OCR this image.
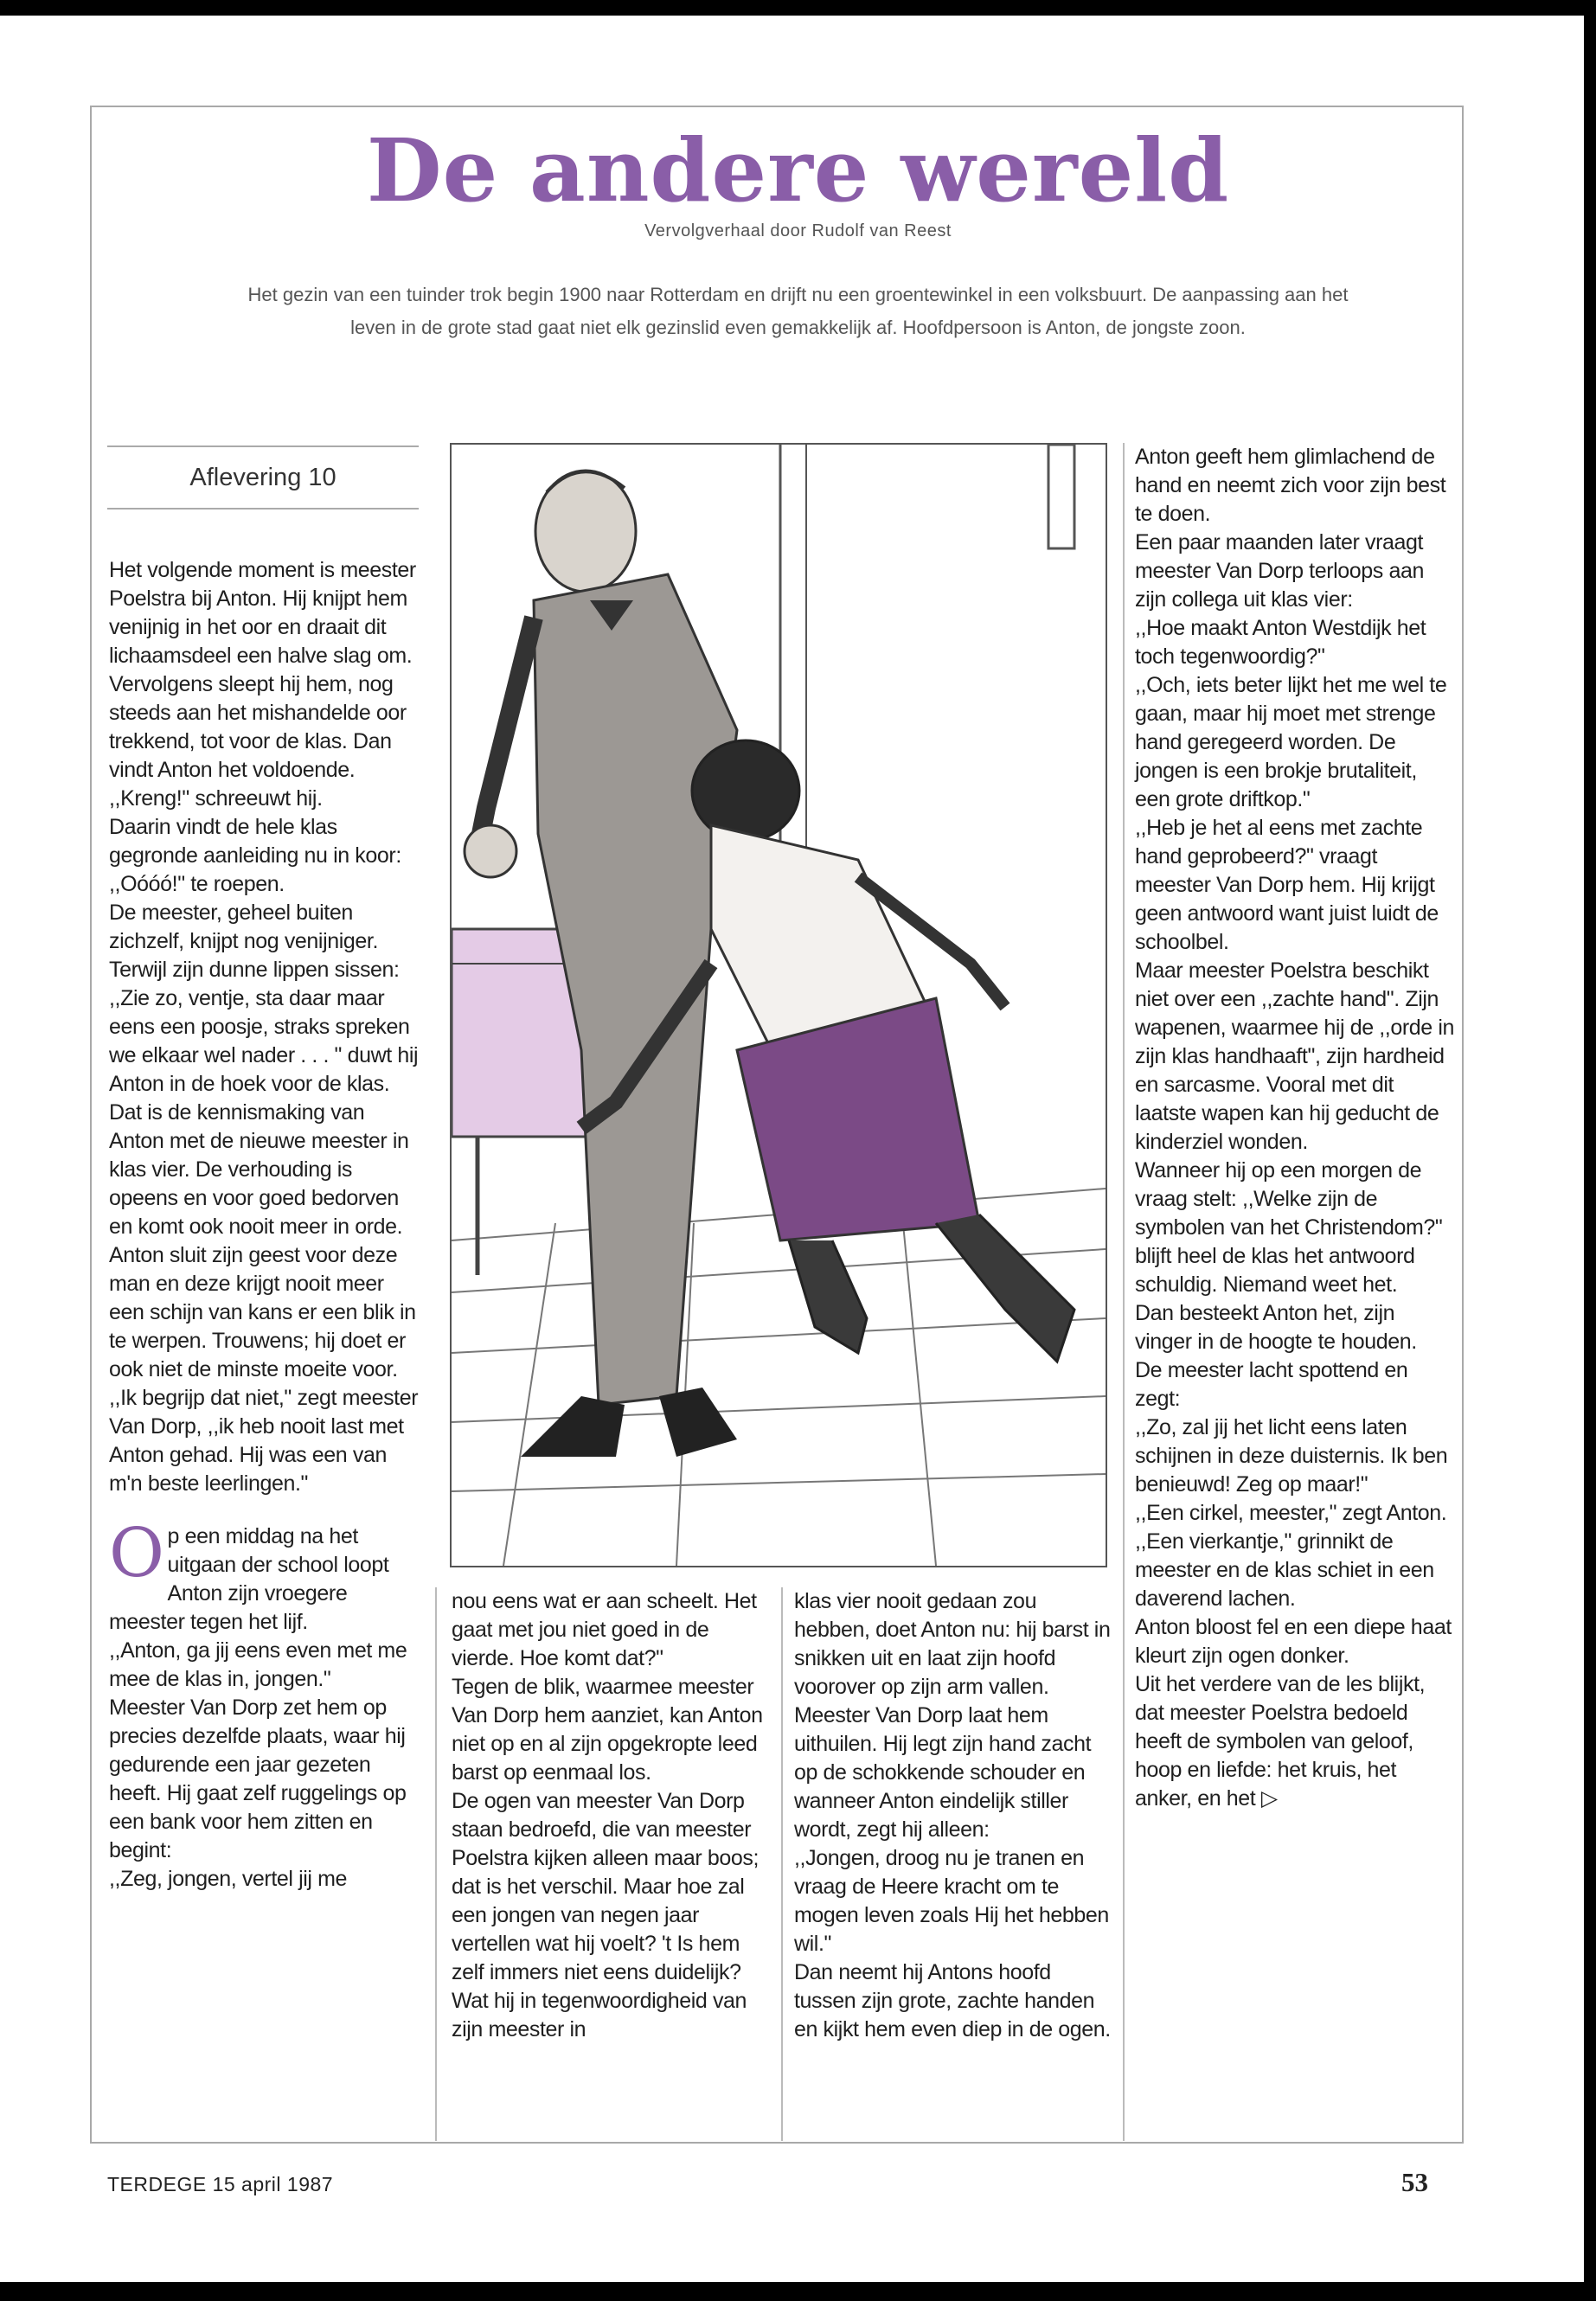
De andere wereld
Vervolgverhaal door Rudolf van Reest
Het gezin van een tuinder trok begin 1900 naar Rotterdam en drijft nu een groentewinkel in een volksbuurt. De aanpassing aan het leven in de grote stad gaat niet elk gezinslid even gemakkelijk af. Hoofdpersoon is Anton, de jongste zoon.
Aflevering 10

Het volgende moment is meester Poelstra bij Anton. Hij knijpt hem venijnig in het oor en draait dit lichaamsdeel een halve slag om. Vervolgens sleept hij hem, nog steeds aan het mishandelde oor trekkend, tot voor de klas. Dan vindt Anton het voldoende.

,,Kreng!" schreeuwt hij.

Daarin vindt de hele klas gegronde aanleiding nu in koor: ,,Oóóó!" te roepen.

De meester, geheel buiten zichzelf, knijpt nog venijniger. Terwijl zijn dunne lippen sissen: ,,Zie zo, ventje, sta daar maar eens een poosje, straks spreken we elkaar wel nader . . . " duwt hij Anton in de hoek voor de klas.

Dat is de kennismaking van Anton met de nieuwe meester in klas vier. De verhouding is opeens en voor goed bedorven en komt ook nooit meer in orde. Anton sluit zijn geest voor deze man en deze krijgt nooit meer een schijn van kans er een blik in te werpen. Trouwens; hij doet er ook niet de minste moeite voor.

,,Ik begrijp dat niet," zegt meester Van Dorp, ,,ik heb nooit last met Anton gehad. Hij was een van m'n beste leerlingen."

Op een middag na het uitgaan der school loopt Anton zijn vroegere meester tegen het lijf.

,,Anton, ga jij eens even met me mee de klas in, jongen."

Meester Van Dorp zet hem op precies dezelfde plaats, waar hij gedurende een jaar gezeten heeft. Hij gaat zelf ruggelings op een bank voor hem zitten en begint:

,,Zeg, jongen, vertel jij me

nou eens wat er aan scheelt. Het gaat met jou niet goed in de vierde. Hoe komt dat?"

Tegen de blik, waarmee meester Van Dorp hem aanziet, kan Anton niet op en al zijn opgekropte leed barst op eenmaal los.

De ogen van meester Van Dorp staan bedroefd, die van meester Poelstra kijken alleen maar boos; dat is het verschil. Maar hoe zal een jongen van negen jaar vertellen wat hij voelt? 't Is hem zelf immers niet eens duidelijk? Wat hij in tegenwoordigheid van zijn meester in

klas vier nooit gedaan zou hebben, doet Anton nu: hij barst in snikken uit en laat zijn hoofd voorover op zijn arm vallen.

Meester Van Dorp laat hem uithuilen. Hij legt zijn hand zacht op de schokkende schouder en wanneer Anton eindelijk stiller wordt, zegt hij alleen:

,,Jongen, droog nu je tranen en vraag de Heere kracht om te mogen leven zoals Hij het hebben wil."

Dan neemt hij Antons hoofd tussen zijn grote, zachte handen en kijkt hem even diep in de ogen.

Anton geeft hem glimlachend de hand en neemt zich voor zijn best te doen.

Een paar maanden later vraagt meester Van Dorp terloops aan zijn collega uit klas vier:

,,Hoe maakt Anton Westdijk het toch tegenwoordig?"

,,Och, iets beter lijkt het me wel te gaan, maar hij moet met strenge hand geregeerd worden. De jongen is een brokje brutaliteit, een grote driftkop."

,,Heb je het al eens met zachte hand geprobeerd?" vraagt meester Van Dorp hem. Hij krijgt geen antwoord want juist luidt de schoolbel.

Maar meester Poelstra beschikt niet over een ,,zachte hand". Zijn wapenen, waarmee hij de ,,orde in zijn klas handhaaft", zijn hardheid en sarcasme. Vooral met dit laatste wapen kan hij geducht de kinderziel wonden.

Wanneer hij op een morgen de vraag stelt: ,,Welke zijn de symbolen van het Christendom?" blijft heel de klas het antwoord schuldig. Niemand weet het.

Dan besteekt Anton het, zijn vinger in de hoogte te houden.

De meester lacht spottend en zegt:

,,Zo, zal jij het licht eens laten schijnen in deze duisternis. Ik ben benieuwd! Zeg op maar!"

,,Een cirkel, meester," zegt Anton.

,,Een vierkantje," grinnikt de meester en de klas schiet in een daverend lachen.

Anton bloost fel en een diepe haat kleurt zijn ogen donker.

Uit het verdere van de les blijkt, dat meester Poelstra bedoeld heeft de symbolen van geloof, hoop en liefde: het kruis, het anker, en het ▷

TERDEGE 15 april 1987	53
